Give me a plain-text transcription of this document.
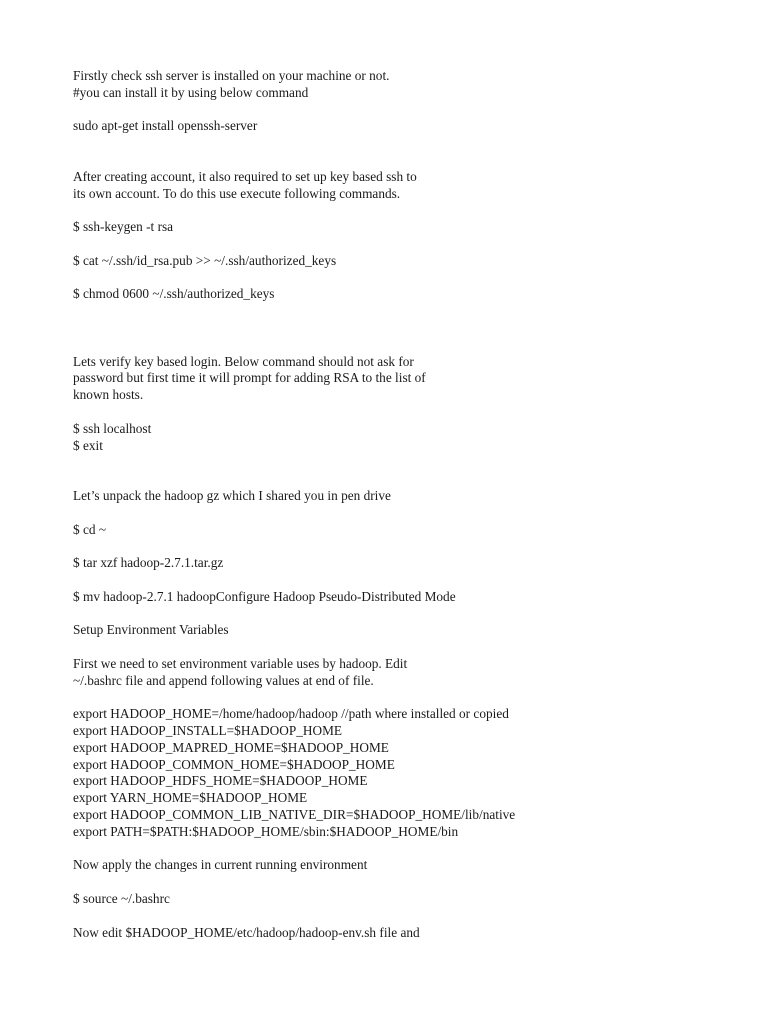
Firstly check ssh server is installed on your machine or not.
#you can install it by using below command
sudo apt-get install openssh-server
After creating account, it also required to set up key based ssh to
its own account. To do this use execute following commands.
$ ssh-keygen -t rsa
$ cat ~/.ssh/id_rsa.pub >> ~/.ssh/authorized_keys
$ chmod 0600 ~/.ssh/authorized_keys
Lets verify key based login. Below command should not ask for
password but first time it will prompt for adding RSA to the list of
known hosts.
$ ssh localhost
$ exit
Let’s unpack the hadoop gz which I shared you in pen drive
$ cd ~
$ tar xzf hadoop-2.7.1.tar.gz
$ mv hadoop-2.7.1 hadoopConfigure Hadoop Pseudo-Distributed Mode
Setup Environment Variables
First we need to set environment variable uses by hadoop. Edit
~/.bashrc file and append following values at end of file.
export HADOOP_HOME=/home/hadoop/hadoop //path where installed or copied
export HADOOP_INSTALL=$HADOOP_HOME
export HADOOP_MAPRED_HOME=$HADOOP_HOME
export HADOOP_COMMON_HOME=$HADOOP_HOME
export HADOOP_HDFS_HOME=$HADOOP_HOME
export YARN_HOME=$HADOOP_HOME
export HADOOP_COMMON_LIB_NATIVE_DIR=$HADOOP_HOME/lib/native
export PATH=$PATH:$HADOOP_HOME/sbin:$HADOOP_HOME/bin
Now apply the changes in current running environment
$ source ~/.bashrc
Now edit $HADOOP_HOME/etc/hadoop/hadoop-env.sh file and
